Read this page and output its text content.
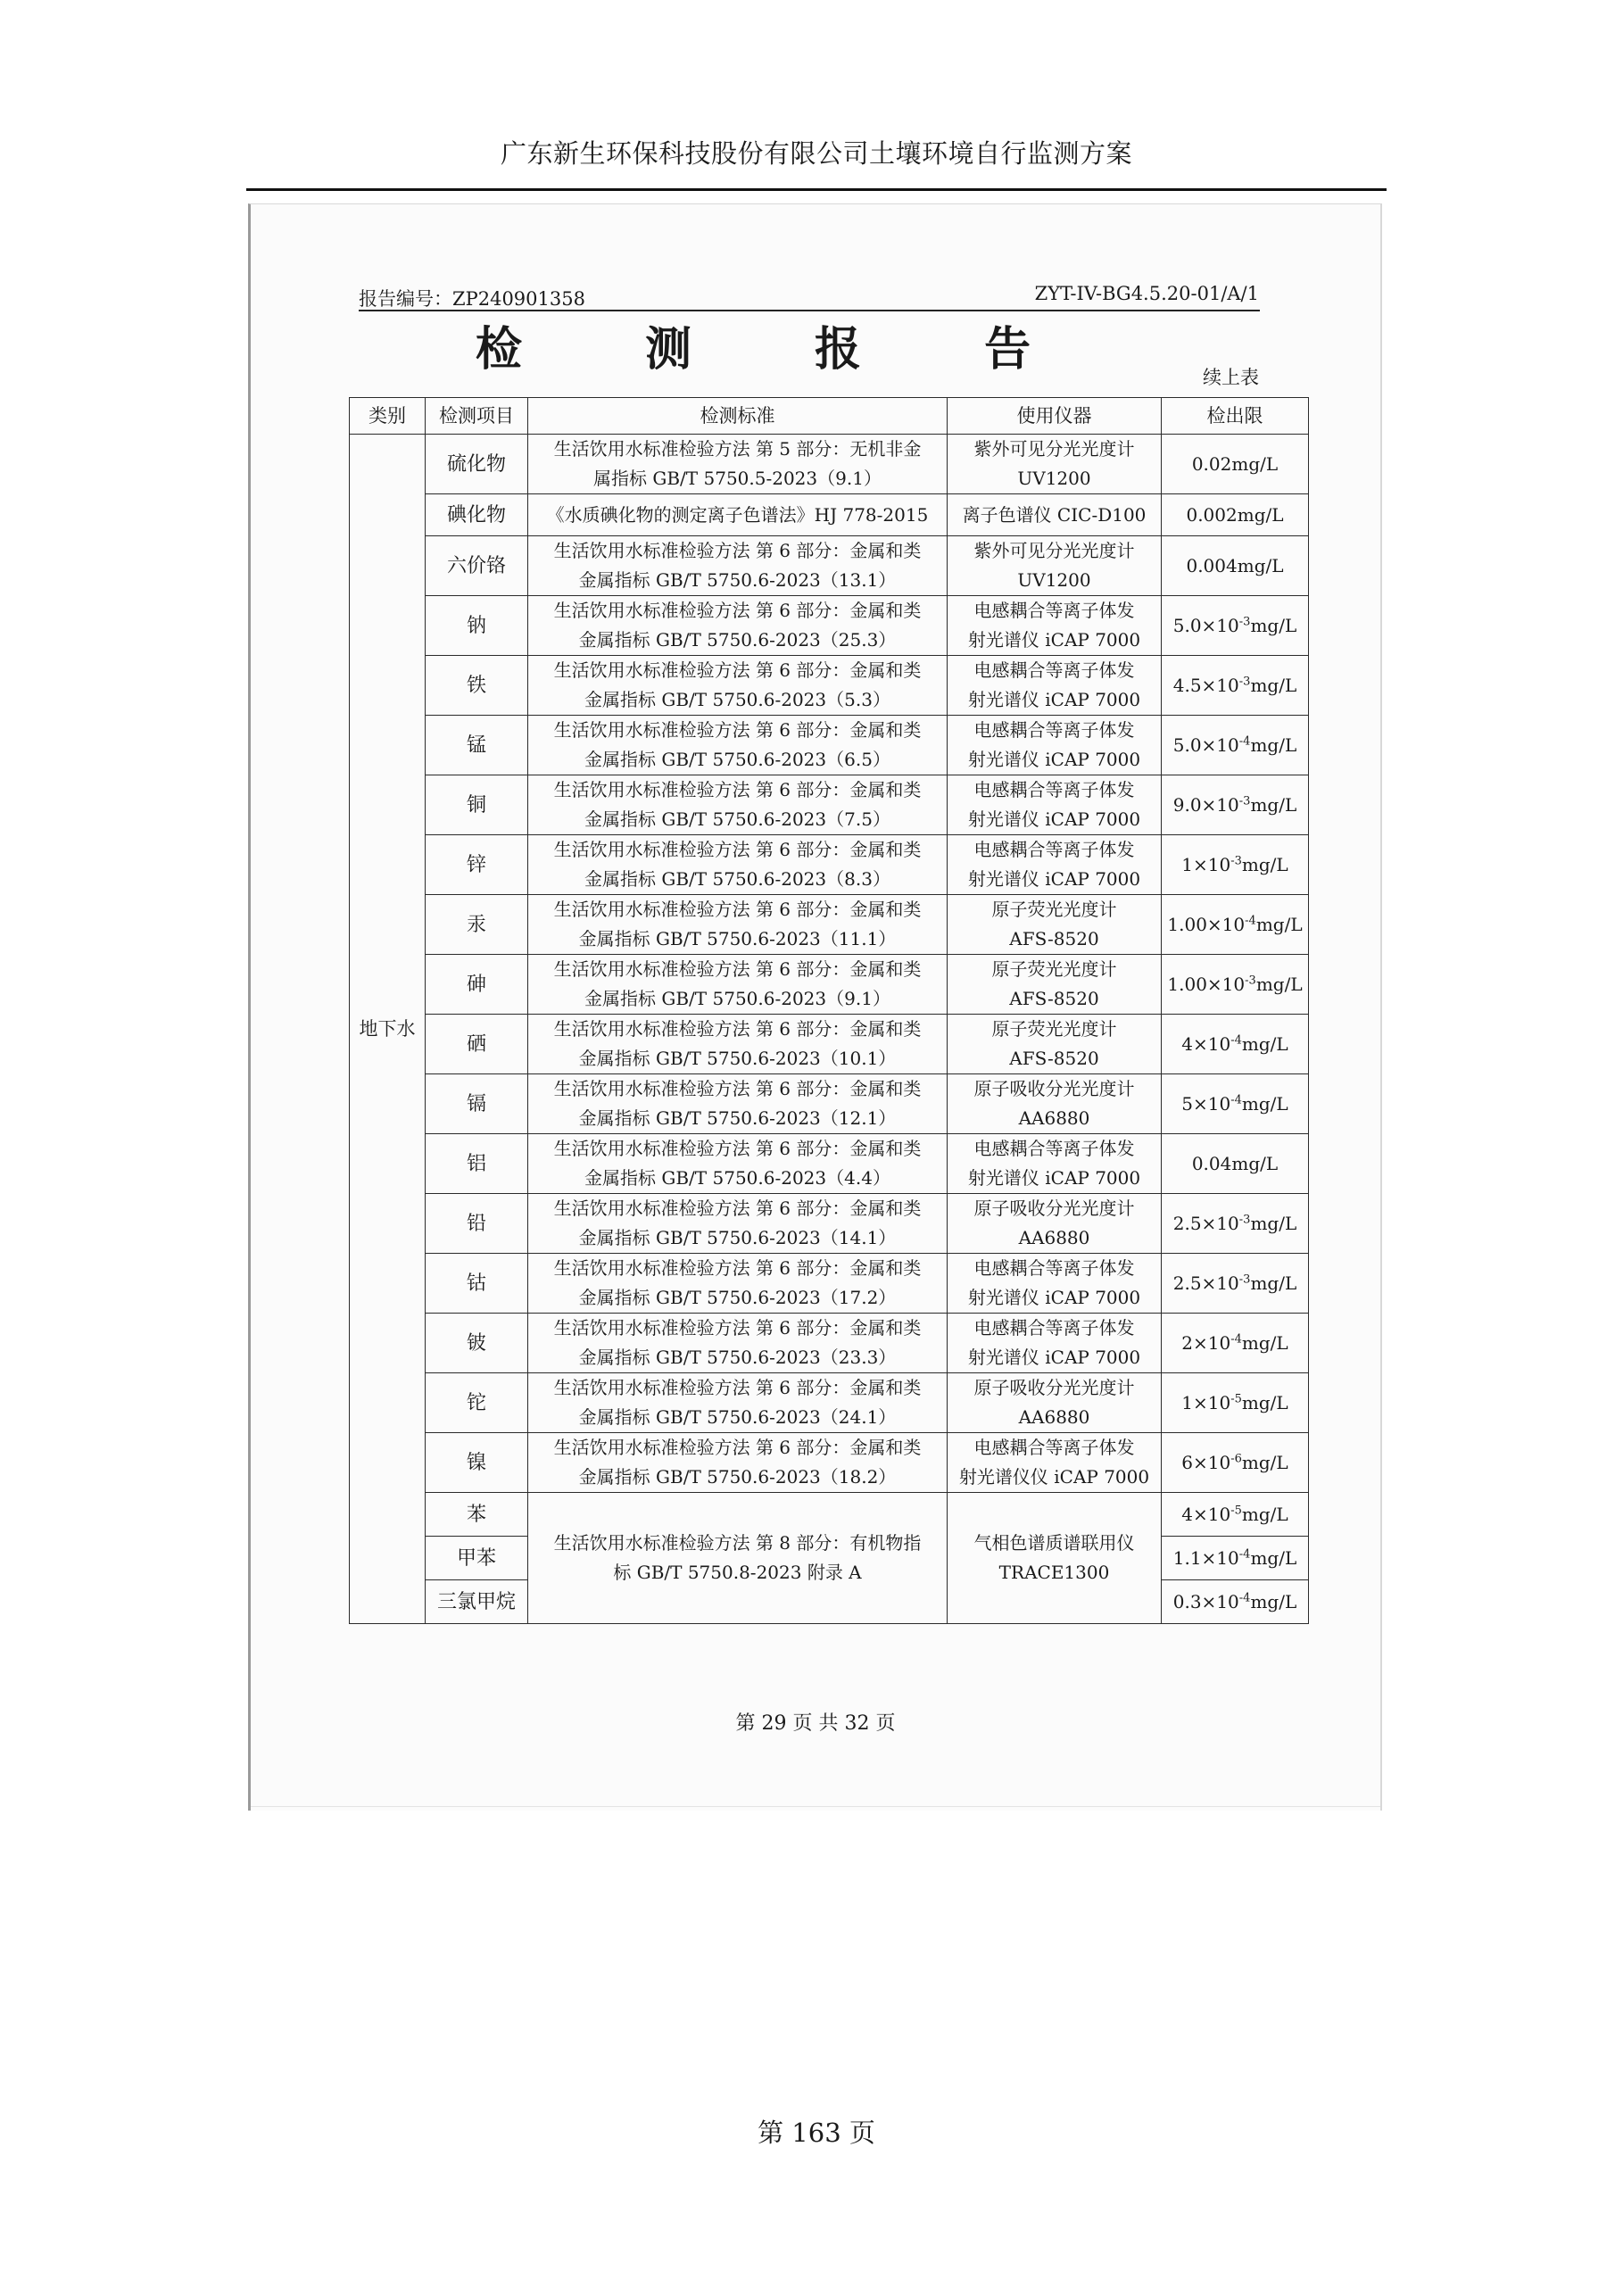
广东新生环保科技股份有限公司土壤环境自行监测方案
报告编号：ZP240901358	ZYT-IV-BG4.5.20-01/A/1
检 测 报 告
续上表
类别	检测项目	检测标准	使用仪器	检出限
地下水	硫化物	生活饮用水标准检验方法 第 5 部分：无机非金
属指标 GB/T 5750.5-2023（9.1）	紫外可见分光光度计
UV1200	0.02mg/L
	碘化物	《水质碘化物的测定离子色谱法》HJ 778-2015	离子色谱仪 CIC-D100	0.002mg/L
	六价铬	生活饮用水标准检验方法 第 6 部分：金属和类
金属指标 GB/T 5750.6-2023（13.1）	紫外可见分光光度计
UV1200	0.004mg/L
	钠	生活饮用水标准检验方法 第 6 部分：金属和类
金属指标 GB/T 5750.6-2023（25.3）	电感耦合等离子体发
射光谱仪 iCAP 7000	$5.0\times 10^{-3}mg/L$
	铁	生活饮用水标准检验方法 第 6 部分：金属和类
金属指标 GB/T 5750.6-2023（5.3）	电感耦合等离子体发
射光谱仪 iCAP 7000	$4.5\times 10^{-3}mg/L$
	锰	生活饮用水标准检验方法 第 6 部分：金属和类
金属指标 GB/T 5750.6-2023（6.5）	电感耦合等离子体发
射光谱仪 iCAP 7000	$5.0\times 10^{-4}mg/L$
	铜	生活饮用水标准检验方法 第 6 部分：金属和类
金属指标 GB/T 5750.6-2023（7.5）	电感耦合等离子体发
射光谱仪 iCAP 7000	$9.0\times 10^{-3}mg/L$
	锌	生活饮用水标准检验方法 第 6 部分：金属和类
金属指标 GB/T 5750.6-2023（8.3）	电感耦合等离子体发
射光谱仪 iCAP 7000	$1\times 10^{-3}mg/L$
	汞	生活饮用水标准检验方法 第 6 部分：金属和类
金属指标 GB/T 5750.6-2023（11.1）	原子荧光光度计
AFS-8520	$1.00\times 10^{-4}mg/L$
	砷	生活饮用水标准检验方法 第 6 部分：金属和类
金属指标 GB/T 5750.6-2023（9.1）	原子荧光光度计
AFS-8520	$1.00\times 10^{-3}mg/L$
	硒	生活饮用水标准检验方法 第 6 部分：金属和类
金属指标 GB/T 5750.6-2023（10.1）	原子荧光光度计
AFS-8520	$4\times 10^{-4}mg/L$
	镉	生活饮用水标准检验方法 第 6 部分：金属和类
金属指标 GB/T 5750.6-2023（12.1）	原子吸收分光光度计
AA6880	$5\times 10^{-4}mg/L$
	铝	生活饮用水标准检验方法 第 6 部分：金属和类
金属指标 GB/T 5750.6-2023（4.4）	电感耦合等离子体发
射光谱仪 iCAP 7000	0.04mg/L
	铅	生活饮用水标准检验方法 第 6 部分：金属和类
金属指标 GB/T 5750.6-2023（14.1）	原子吸收分光光度计
AA6880	$2.5\times 10^{-3}mg/L$
	钴	生活饮用水标准检验方法 第 6 部分：金属和类
金属指标 GB/T 5750.6-2023（17.2）	电感耦合等离子体发
射光谱仪 iCAP 7000	$2.5\times 10^{-3}mg/L$
	铍	生活饮用水标准检验方法 第 6 部分：金属和类
金属指标 GB/T 5750.6-2023（23.3）	电感耦合等离子体发
射光谱仪 iCAP 7000	$2\times 10^{-4}mg/L$
	铊	生活饮用水标准检验方法 第 6 部分：金属和类
金属指标 GB/T 5750.6-2023（24.1）	原子吸收分光光度计
AA6880	$1\times 10^{-5}mg/L$
	镍	生活饮用水标准检验方法 第 6 部分：金属和类
金属指标 GB/T 5750.6-2023（18.2）	电感耦合等离子体发
射光谱仪仪 iCAP 7000	$6\times 10^{-6}mg/L$
	苯	生活饮用水标准检验方法 第 8 部分：有机物指
标 GB/T 5750.8-2023 附录 A	气相色谱质谱联用仪
TRACE1300	$4\times 10^{-5}mg/L$
	甲苯			$1.1\times 10^{-4}mg/L$
	三氯甲烷			$0.3\times 10^{-4}mg/L$
第 29 页 共 32 页
第 163 页
